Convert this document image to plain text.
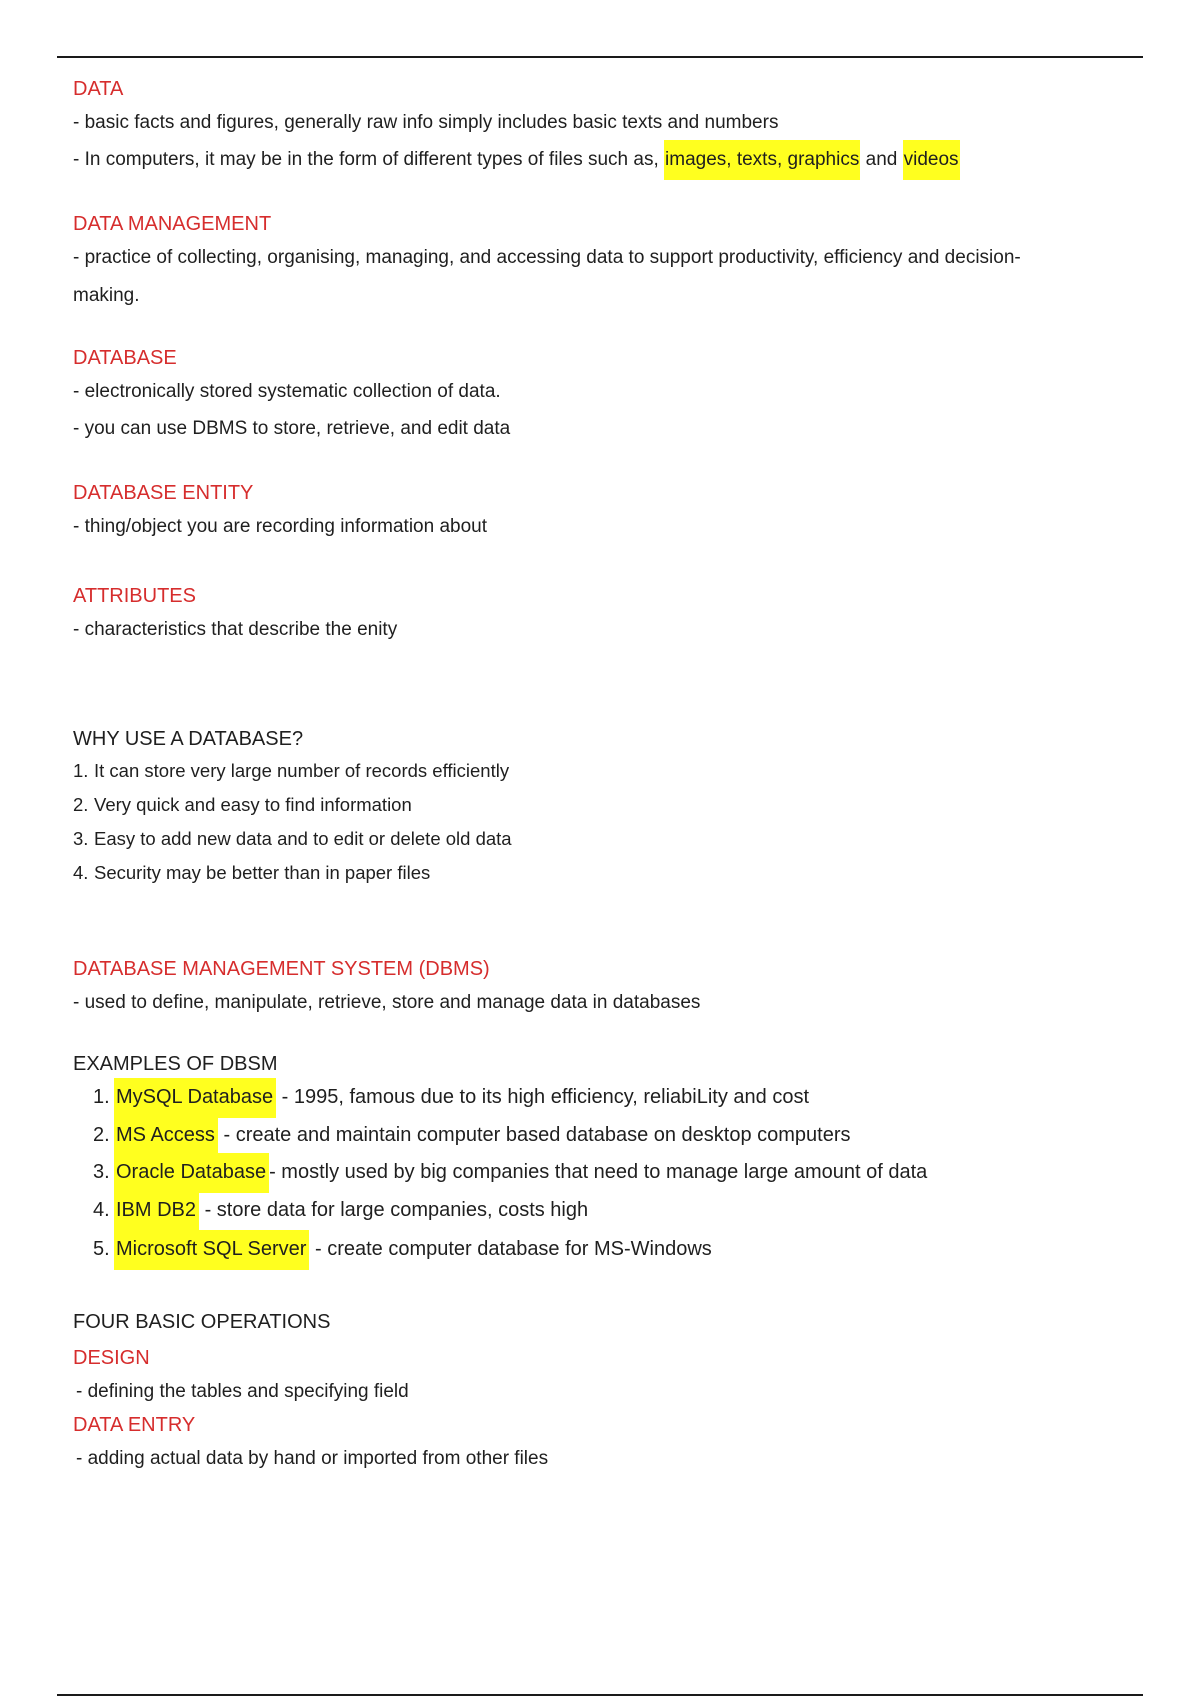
DATA

- basic facts and figures, generally raw info simply includes basic texts and numbers

- In computers, it may be in the form of different types of files such as, images, texts, graphics and videos

DATA MANAGEMENT

- practice of collecting, organising, managing, and accessing data to support productivity, efficiency and decision-

making.

DATABASE

- electronically stored systematic collection of data.

- you can use DBMS to store, retrieve, and edit data

DATABASE ENTITY

- thing/object you are recording information about

ATTRIBUTES

- characteristics that describe the enity

WHY USE A DATABASE?

1. It can store very large number of records efficiently
2. Very quick and easy to find information
3. Easy to add new data and to edit or delete old data
4. Security may be better than in paper files

DATABASE MANAGEMENT SYSTEM (DBMS)

- used to define, manipulate, retrieve, store and manage data in databases

EXAMPLES OF DBSM

1. MySQL Database - 1995, famous due to its high efficiency, reliabiLity and cost
2. MS Access - create and maintain computer based database on desktop computers
3. Oracle Database - mostly used by big companies that need to manage large amount of data
4. IBM DB2 - store data for large companies, costs high
5. Microsoft SQL Server - create computer database for MS-Windows

FOUR BASIC OPERATIONS

DESIGN

- defining the tables and specifying field

DATA ENTRY

- adding actual data by hand or imported from other files
